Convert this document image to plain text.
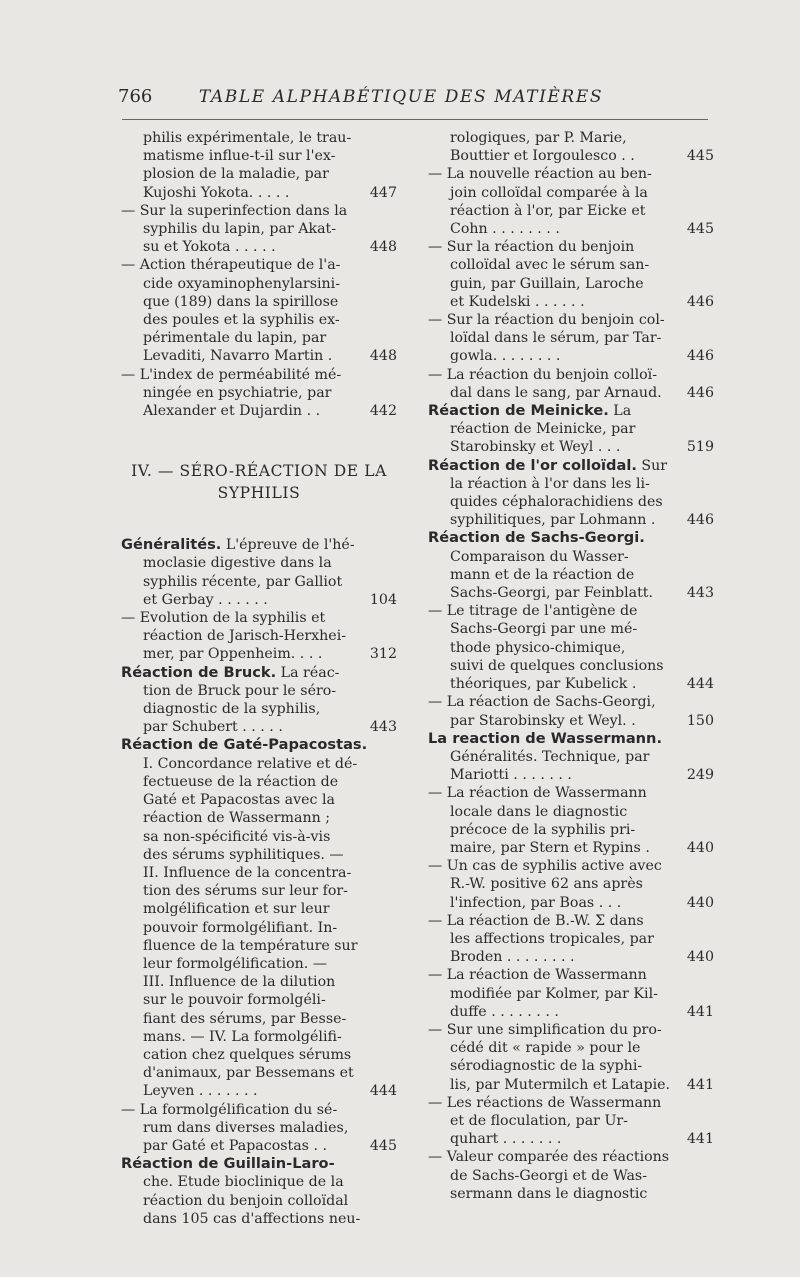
766	TABLE ALPHABÉTIQUE DES MATIÈRES
philis expérimentale, le trau-
matisme influe-t-il sur l'ex-
plosion de la maladie, par
Kujoshi Yokota. . . . .	447
— Sur la superinfection dans la
syphilis du lapin, par Akat-
su et Yokota . . . . .	448
— Action thérapeutique de l'a-
cide oxyaminophenylarsini-
que (189) dans la spirillose
des poules et la syphilis ex-
périmentale du lapin, par
Levaditi, Navarro Martin .	448
— L'index de perméabilité mé-
ningée en psychiatrie, par
Alexander et Dujardin . .	442
IV. — SÉRO-RÉACTION DE LA
SYPHILIS
Généralités. L'épreuve de l'hé-
moclasie digestive dans la
syphilis récente, par Galliot
et Gerbay . . . . . .	104
— Evolution de la syphilis et
réaction de Jarisch-Herxhei-
mer, par Oppenheim. . . .	312
Réaction de Bruck. La réac-
tion de Bruck pour le séro-
diagnostic de la syphilis,
par Schubert . . . . .	443
Réaction de Gaté-Papacostas.
I. Concordance relative et dé-
fectueuse de la réaction de
Gaté et Papacostas avec la
réaction de Wassermann ;
sa non-spécificité vis-à-vis
des sérums syphilitiques. —
II. Influence de la concentra-
tion des sérums sur leur for-
molgélification et sur leur
pouvoir formolgélifiant. In-
fluence de la température sur
leur formolgélification. —
III. Influence de la dilution
sur le pouvoir formolgéli-
fiant des sérums, par Besse-
mans. — IV. La formolgélifi-
cation chez quelques sérums
d'animaux, par Bessemans et
Leyven . . . . . . .	444
— La formolgélification du sé-
rum dans diverses maladies,
par Gaté et Papacostas . .	445
Réaction de Guillain-Laro-
che. Etude bioclinique de la
réaction du benjoin colloïdal
dans 105 cas d'affections neu-
rologiques, par P. Marie,
Bouttier et Iorgoulesco . .	445
— La nouvelle réaction au ben-
join colloïdal comparée à la
réaction à l'or, par Eicke et
Cohn . . . . . . . .	445
— Sur la réaction du benjoin
colloïdal avec le sérum san-
guin, par Guillain, Laroche
et Kudelski . . . . . .	446
— Sur la réaction du benjoin col-
loïdal dans le sérum, par Tar-
gowla. . . . . . . .	446
— La réaction du benjoin colloï-
dal dans le sang, par Arnaud.	446
Réaction de Meinicke. La
réaction de Meinicke, par
Starobinsky et Weyl . . .	519
Réaction de l'or colloïdal. Sur
la réaction à l'or dans les li-
quides céphalorachidiens des
syphilitiques, par Lohmann .	446
Réaction de Sachs-Georgi.
Comparaison du Wasser-
mann et de la réaction de
Sachs-Georgi, par Feinblatt.	443
— Le titrage de l'antigène de
Sachs-Georgi par une mé-
thode physico-chimique,
suivi de quelques conclusions
théoriques, par Kubelick .	444
— La réaction de Sachs-Georgi,
par Starobinsky et Weyl. .	150
La reaction de Wassermann.
Généralités. Technique, par
Mariotti . . . . . . .	249
— La réaction de Wassermann
locale dans le diagnostic
précoce de la syphilis pri-
maire, par Stern et Rypins .	440
— Un cas de syphilis active avec
R.-W. positive 62 ans après
l'infection, par Boas . . .	440
— La réaction de B.-W. Σ dans
les affections tropicales, par
Broden . . . . . . . .	440
— La réaction de Wassermann
modifiée par Kolmer, par Kil-
duffe . . . . . . . .	441
— Sur une simplification du pro-
cédé dit « rapide » pour le
sérodiagnostic de la syphi-
lis, par Mutermilch et Latapie. 441
— Les réactions de Wassermann
et de floculation, par Ur-
quhart . . . . . . .	441
— Valeur comparée des réactions
de Sachs-Georgi et de Was-
sermann dans le diagnostic
